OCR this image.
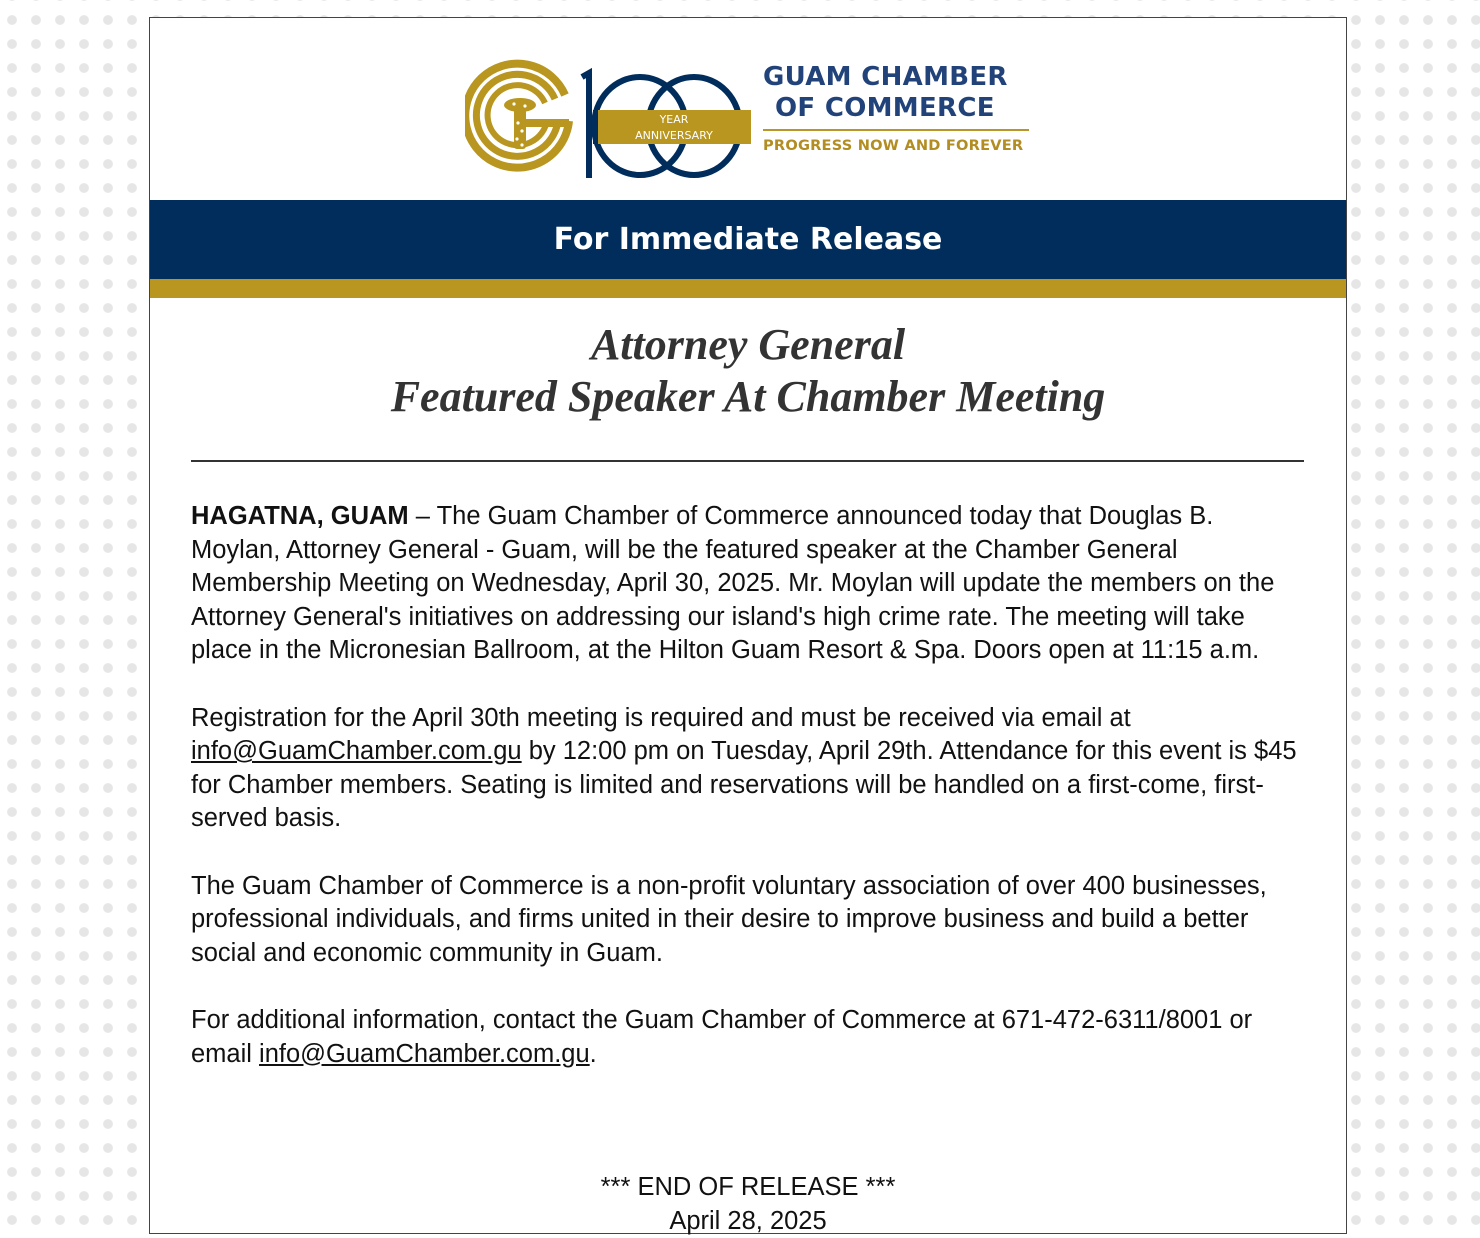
YEAR
ANNIVERSARY
GUAM CHAMBER
OF COMMERCE
PROGRESS NOW AND FOREVER
For Immediate Release
Attorney General
Featured Speaker At Chamber Meeting

HAGATNA, GUAM – The Guam Chamber of Commerce announced today that Douglas B. Moylan, Attorney General - Guam, will be the featured speaker at the Chamber General Membership Meeting on Wednesday, April 30, 2025. Mr. Moylan will update the members on the Attorney General's initiatives on addressing our island's high crime rate. The meeting will take place in the Micronesian Ballroom, at the Hilton Guam Resort & Spa. Doors open at 11:15 a.m.

Registration for the April 30th meeting is required and must be received via email at info@GuamChamber.com.gu by 12:00 pm on Tuesday, April 29th. Attendance for this event is $45 for Chamber members. Seating is limited and reservations will be handled on a first-come, first-served basis.

The Guam Chamber of Commerce is a non-profit voluntary association of over 400 businesses, professional individuals, and firms united in their desire to improve business and build a better social and economic community in Guam.

For additional information, contact the Guam Chamber of Commerce at 671-472-6311/8001 or email info@GuamChamber.com.gu.

*** END OF RELEASE ***
April 28, 2025
